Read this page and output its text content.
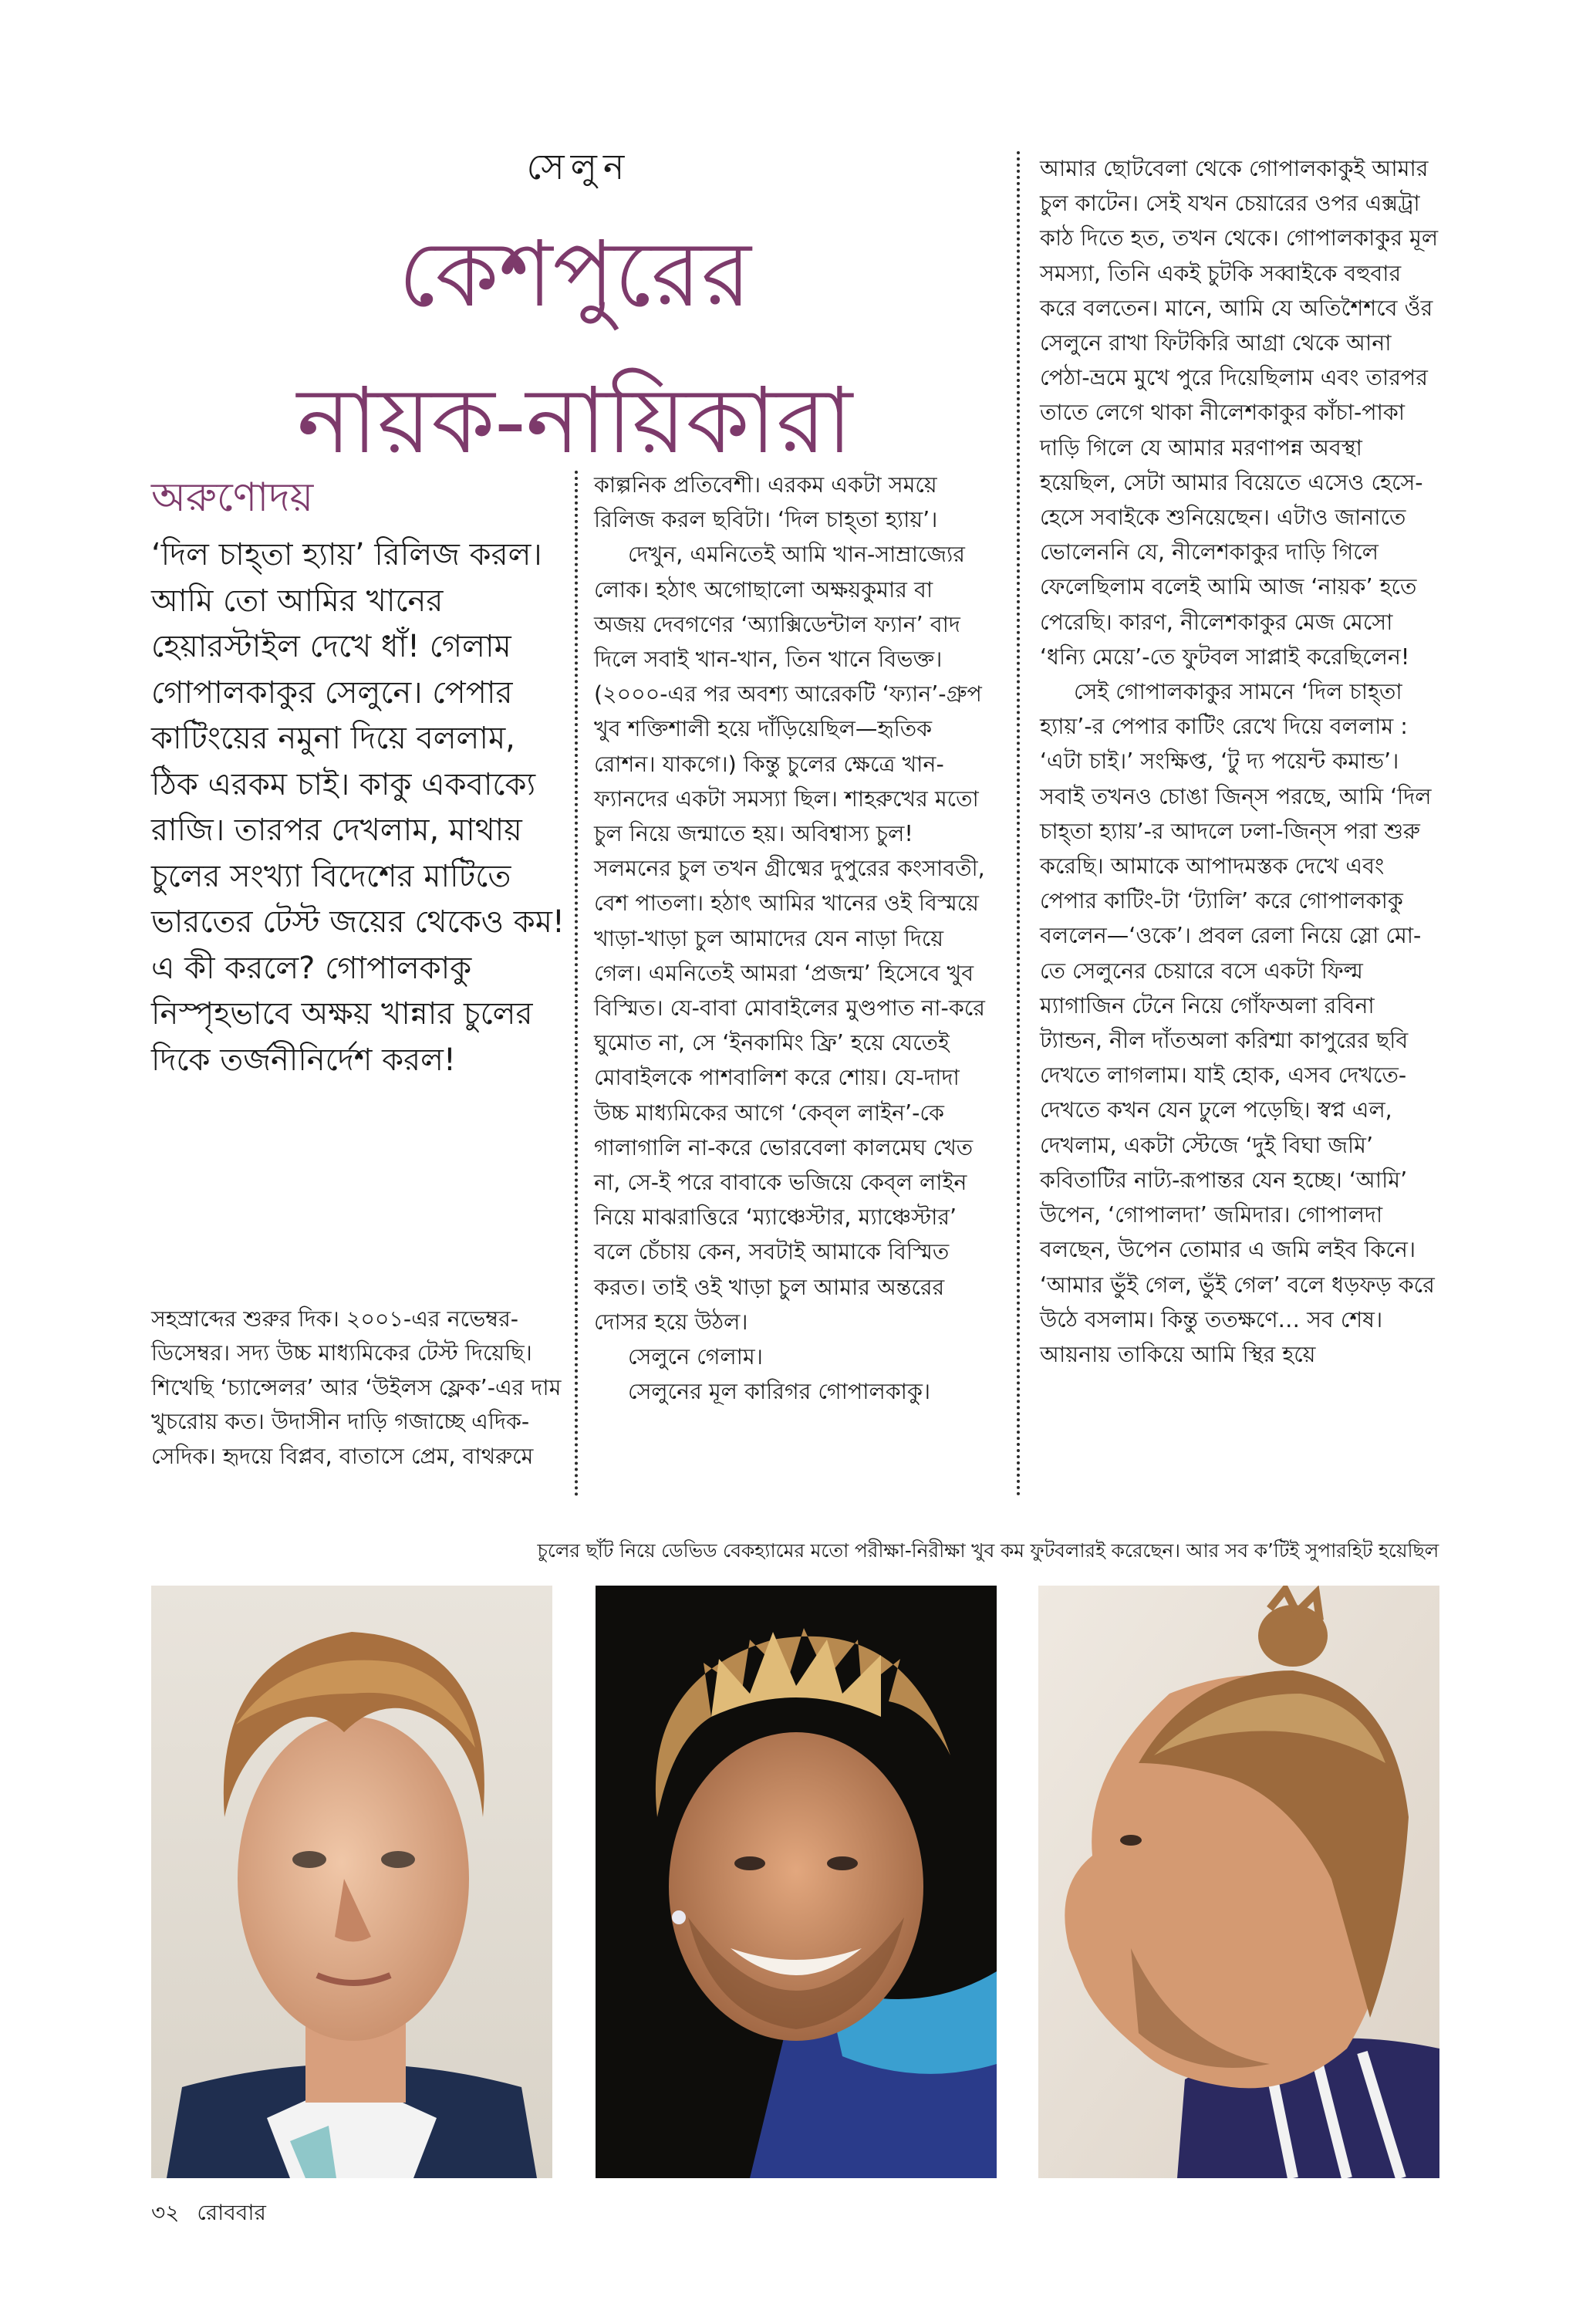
সেলুন
কেশপুরের
নায়ক-নায়িকারা
অরুণোদয়

‘দিল চাহ্‌তা হ্যায়’ রিলিজ করল। আমি তো আমির খানের হেয়ারস্টাইল দেখে ধাঁ! গেলাম গোপালকাকুর সেলুনে। পেপার কাটিংয়ের নমুনা দিয়ে বললাম, ঠিক এরকম চাই। কাকু একবাক্যে রাজি। তারপর দেখলাম, মাথায় চুলের সংখ্যা বিদেশের মাটিতে ভারতের টেস্ট জয়ের থেকেও কম! এ কী করলে? গোপালকাকু নিস্পৃহভাবে অক্ষয় খান্নার চুলের দিকে তর্জনীনির্দেশ করল!

সহস্রাব্দের শুরুর দিক। ২০০১-এর নভেম্বর-ডিসেম্বর। সদ্য উচ্চ মাধ্যমিকের টেস্ট দিয়েছি। শিখেছি ‘চ্যান্সেলর’ আর ‘উইলস ফ্লেক’-এর দাম খুচরোয় কত। উদাসীন দাড়ি গজাচ্ছে এদিক-সেদিক। হৃদয়ে বিপ্লব, বাতাসে প্রেম, বাথরুমে

কাল্পনিক প্রতিবেশী। এরকম একটা সময়ে রিলিজ করল ছবিটা। ‘দিল চাহ্‌তা হ্যায়’।

দেখুন, এমনিতেই আমি খান-সাম্রাজ্যের লোক। হঠাৎ অগোছালো অক্ষয়কুমার বা অজয় দেবগণের ‘অ্যাক্সিডেন্টাল ফ্যান’ বাদ দিলে সবাই খান-খান, তিন খানে বিভক্ত। (২০০০-এর পর অবশ্য আরেকটি ‘ফ্যান’-গ্রুপ খুব শক্তিশালী হয়ে দাঁড়িয়েছিল—হৃতিক রোশন। যাকগে।) কিন্তু চুলের ক্ষেত্রে খান-ফ্যানদের একটা সমস্যা ছিল। শাহরুখের মতো চুল নিয়ে জন্মাতে হয়। অবিশ্বাস্য চুল! সলমনের চুল তখন গ্রীষ্মের দুপুরের কংসাবতী, বেশ পাতলা। হঠাৎ আমির খানের ওই বিস্ময়ে খাড়া-খাড়া চুল আমাদের যেন নাড়া দিয়ে গেল। এমনিতেই আমরা ‘প্রজন্ম’ হিসেবে খুব বিস্মিত। যে-বাবা মোবাইলের মুণ্ডপাত না-করে ঘুমোত না, সে ‘ইনকামিং ফ্রি’ হয়ে যেতেই মোবাইলকে পাশবালিশ করে শোয়। যে-দাদা উচ্চ মাধ্যমিকের আগে ‘কেব্‌ল লাইন’-কে গালাগালি না-করে ভোরবেলা কালমেঘ খেত না, সে-ই পরে বাবাকে ভজিয়ে কেব্‌ল লাইন নিয়ে মাঝরাত্তিরে ‘ম্যাঞ্চেস্টার, ম্যাঞ্চেস্টার’ বলে চেঁচায় কেন, সবটাই আমাকে বিস্মিত করত। তাই ওই খাড়া চুল আমার অন্তরের দোসর হয়ে উঠল।

সেলুনে গেলাম।

সেলুনের মূল কারিগর গোপালকাকু।

আমার ছোটবেলা থেকে গোপালকাকুই আমার চুল কাটেন। সেই যখন চেয়ারের ওপর এক্সট্রা কাঠ দিতে হত, তখন থেকে। গোপালকাকুর মূল সমস্যা, তিনি একই চুটকি সব্বাইকে বহুবার করে বলতেন। মানে, আমি যে অতিশৈশবে ওঁর সেলুনে রাখা ফিটকিরি আগ্রা থেকে আনা পেঠা-ভ্রমে মুখে পুরে দিয়েছিলাম এবং তারপর তাতে লেগে থাকা নীলেশকাকুর কাঁচা-পাকা দাড়ি গিলে যে আমার মরণাপন্ন অবস্থা হয়েছিল, সেটা আমার বিয়েতে এসেও হেসে-হেসে সবাইকে শুনিয়েছেন। এটাও জানাতে ভোলেননি যে, নীলেশকাকুর দাড়ি গিলে ফেলেছিলাম বলেই আমি আজ ‘নায়ক’ হতে পেরেছি। কারণ, নীলেশকাকুর মেজ মেসো ‘ধন্যি মেয়ে’-তে ফুটবল সাপ্লাই করেছিলেন!

সেই গোপালকাকুর সামনে ‘দিল চাহ্‌তা হ্যায়’-র পেপার কাটিং রেখে দিয়ে বললাম : ‘এটা চাই।’ সংক্ষিপ্ত, ‘টু দ্য পয়েন্ট কমান্ড’। সবাই তখনও চোঙা জিন্‌স পরছে, আমি ‘দিল চাহ্‌তা হ্যায়’-র আদলে ঢলা-জিন্‌স পরা শুরু করেছি। আমাকে আপাদমস্তক দেখে এবং পেপার কাটিং-টা ‘ট্যালি’ করে গোপালকাকু বললেন—‘ওকে’। প্রবল রেলা নিয়ে স্লো মো-তে সেলুনের চেয়ারে বসে একটা ফিল্ম ম্যাগাজিন টেনে নিয়ে গোঁফঅলা রবিনা ট্যান্ডন, নীল দাঁতঅলা করিশ্মা কাপুরের ছবি দেখতে লাগলাম। যাই হোক, এসব দেখতে-দেখতে কখন যেন ঢুলে পড়েছি। স্বপ্ন এল, দেখলাম, একটা স্টেজে ‘দুই বিঘা জমি’ কবিতাটির নাট্য-রূপান্তর যেন হচ্ছে। ‘আমি’ উপেন, ‘গোপালদা’ জমিদার। গোপালদা বলছেন, উপেন তোমার এ জমি লইব কিনে। ‘আমার ভুঁই গেল, ভুঁই গেল’ বলে ধড়ফড় করে উঠে বসলাম। কিন্তু ততক্ষণে… সব শেষ। আয়নায় তাকিয়ে আমি স্থির হয়ে

চুলের ছাঁট নিয়ে ডেভিড বেকহ্যামের মতো পরীক্ষা-নিরীক্ষা খুব কম ফুটবলারই করেছেন। আর সব ক’টিই সুপারহিট হয়েছিল
৩২ রোববার
